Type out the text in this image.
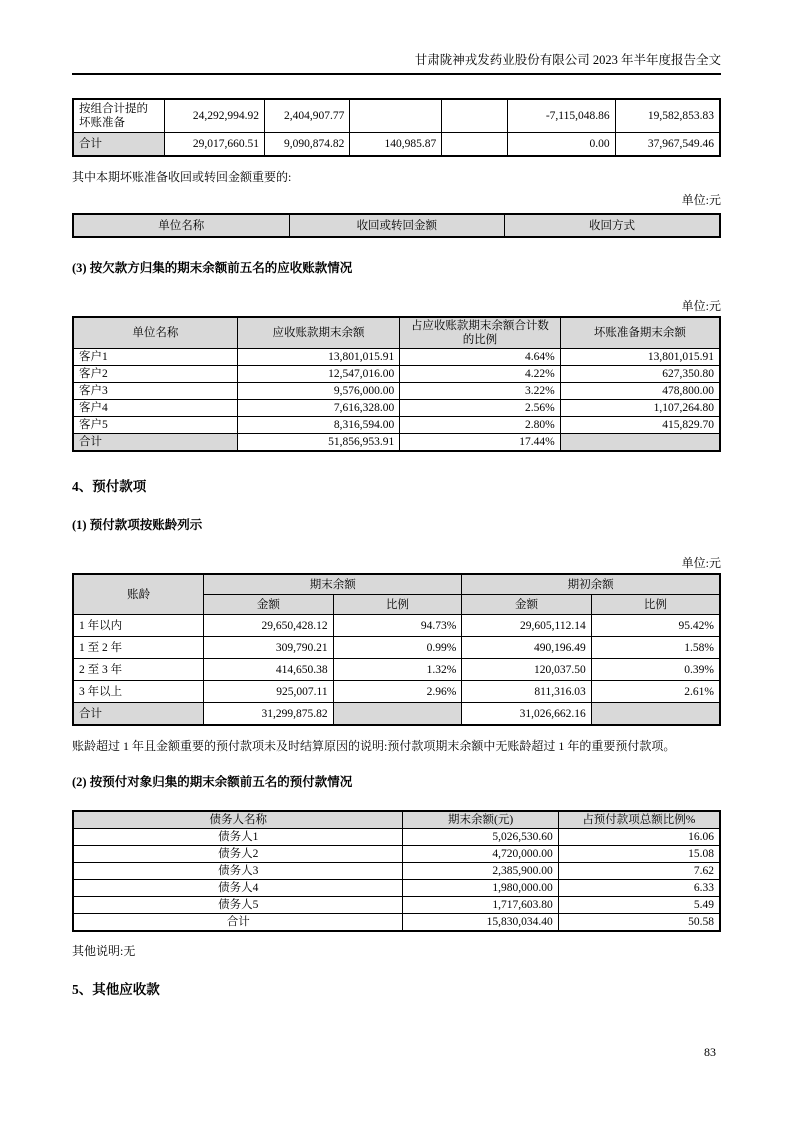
甘肃陇神戎发药业股份有限公司 2023 年半年度报告全文
按组合计提的坏账准备	24,292,994.92	2,404,907.77			-7,115,048.86	19,582,853.83
合计	29,017,660.51	9,090,874.82	140,985.87		0.00	37,967,549.46

其中本期坏账准备收回或转回金额重要的:

单位:元
单位名称	收回或转回金额	收回方式
(3) 按欠款方归集的期末余额前五名的应收账款情况
单位:元
单位名称	应收账款期末余额	占应收账款期末余额合计数的比例	坏账准备期末余额
客户1	13,801,015.91	4.64%	13,801,015.91
客户2	12,547,016.00	4.22%	627,350.80
客户3	9,576,000.00	3.22%	478,800.00
客户4	7,616,328.00	2.56%	1,107,264.80
客户5	8,316,594.00	2.80%	415,829.70
合计	51,856,953.91	17.44%	
4、预付款项
(1) 预付款项按账龄列示
单位:元
账龄	期末余额		期初余额	
	金额	比例	金额	比例
1 年以内	29,650,428.12	94.73%	29,605,112.14	95.42%
1 至 2 年	309,790.21	0.99%	490,196.49	1.58%
2 至 3 年	414,650.38	1.32%	120,037.50	0.39%
3 年以上	925,007.11	2.96%	811,316.03	2.61%
合计	31,299,875.82		31,026,662.16	

账龄超过 1 年且金额重要的预付款项未及时结算原因的说明:预付款项期末余额中无账龄超过 1 年的重要预付款项。

(2) 按预付对象归集的期末余额前五名的预付款情况
债务人名称	期末余额(元)	占预付款项总额比例%
债务人1	5,026,530.60	16.06
债务人2	4,720,000.00	15.08
债务人3	2,385,900.00	7.62
债务人4	1,980,000.00	6.33
债务人5	1,717,603.80	5.49
合计	15,830,034.40	50.58

其他说明:无

5、其他应收款
83
